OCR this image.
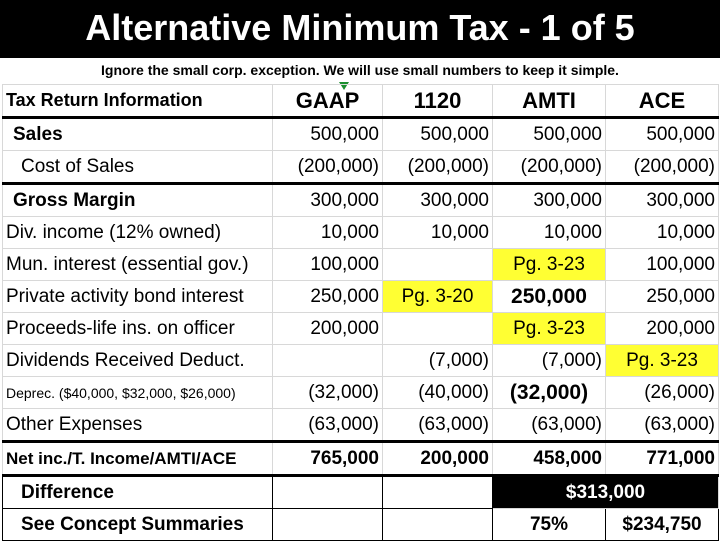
Alternative Minimum Tax - 1 of 5
Ignore the small corp. exception. We will use small numbers to keep it simple.
Tax Return Information	GAAP	1120	AMTI	ACE
Sales	500,000	500,000	500,000	500,000
Cost of Sales	(200,000)	(200,000)	(200,000)	(200,000)
Gross Margin	300,000	300,000	300,000	300,000
Div. income (12% owned)	10,000	10,000	10,000	10,000
Mun. interest (essential gov.)	100,000		Pg. 3-23	100,000
Private activity bond interest	250,000	Pg. 3-20	250,000	250,000
Proceeds-life ins. on officer	200,000		Pg. 3-23	200,000
Dividends Received Deduct.		(7,000)	(7,000)	Pg. 3-23
Deprec. ($40,000, $32,000, $26,000)	(32,000)	(40,000)	(32,000)	(26,000)
Other Expenses	(63,000)	(63,000)	(63,000)	(63,000)
Net inc./T. Income/AMTI/ACE	765,000	200,000	458,000	771,000
Difference			$313,000	
See Concept Summaries			75%	$234,750
